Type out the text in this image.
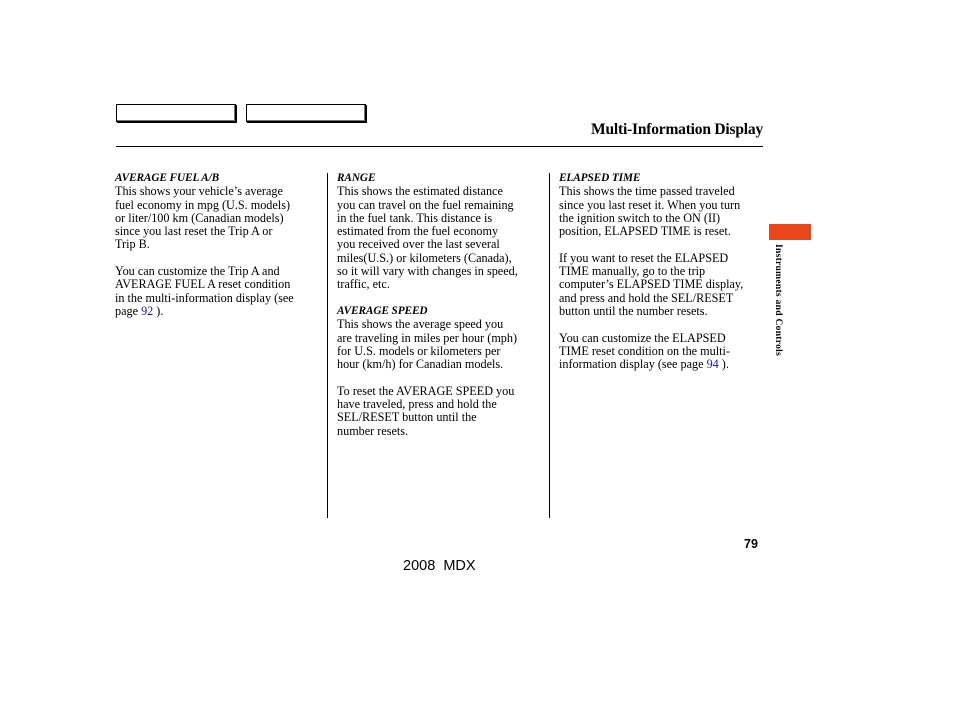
Multi-Information Display
AVERAGE FUEL A/B
This shows your vehicle’s average
fuel economy in mpg (U.S. models)
or liter/100 km (Canadian models)
since you last reset the Trip A or
Trip B.
You can customize the Trip A and
AVERAGE FUEL A reset condition
in the multi-information display (see
page 92 ).
RANGE
This shows the estimated distance
you can travel on the fuel remaining
in the fuel tank. This distance is
estimated from the fuel economy
you received over the last several
miles(U.S.) or kilometers (Canada),
so it will vary with changes in speed,
traffic, etc.
AVERAGE SPEED
This shows the average speed you
are traveling in miles per hour (mph)
for U.S. models or kilometers per
hour (km/h) for Canadian models.
To reset the AVERAGE SPEED you
have traveled, press and hold the
SEL/RESET button until the
number resets.
ELAPSED TIME
This shows the time passed traveled
since you last reset it. When you turn
the ignition switch to the ON (II)
position, ELAPSED TIME is reset.
If you want to reset the ELAPSED
TIME manually, go to the trip
computer’s ELAPSED TIME display,
and press and hold the SEL/RESET
button until the number resets.
You can customize the ELAPSED
TIME reset condition on the multi-
information display (see page 94 ).
Instruments and Controls
79
2008  MDX
